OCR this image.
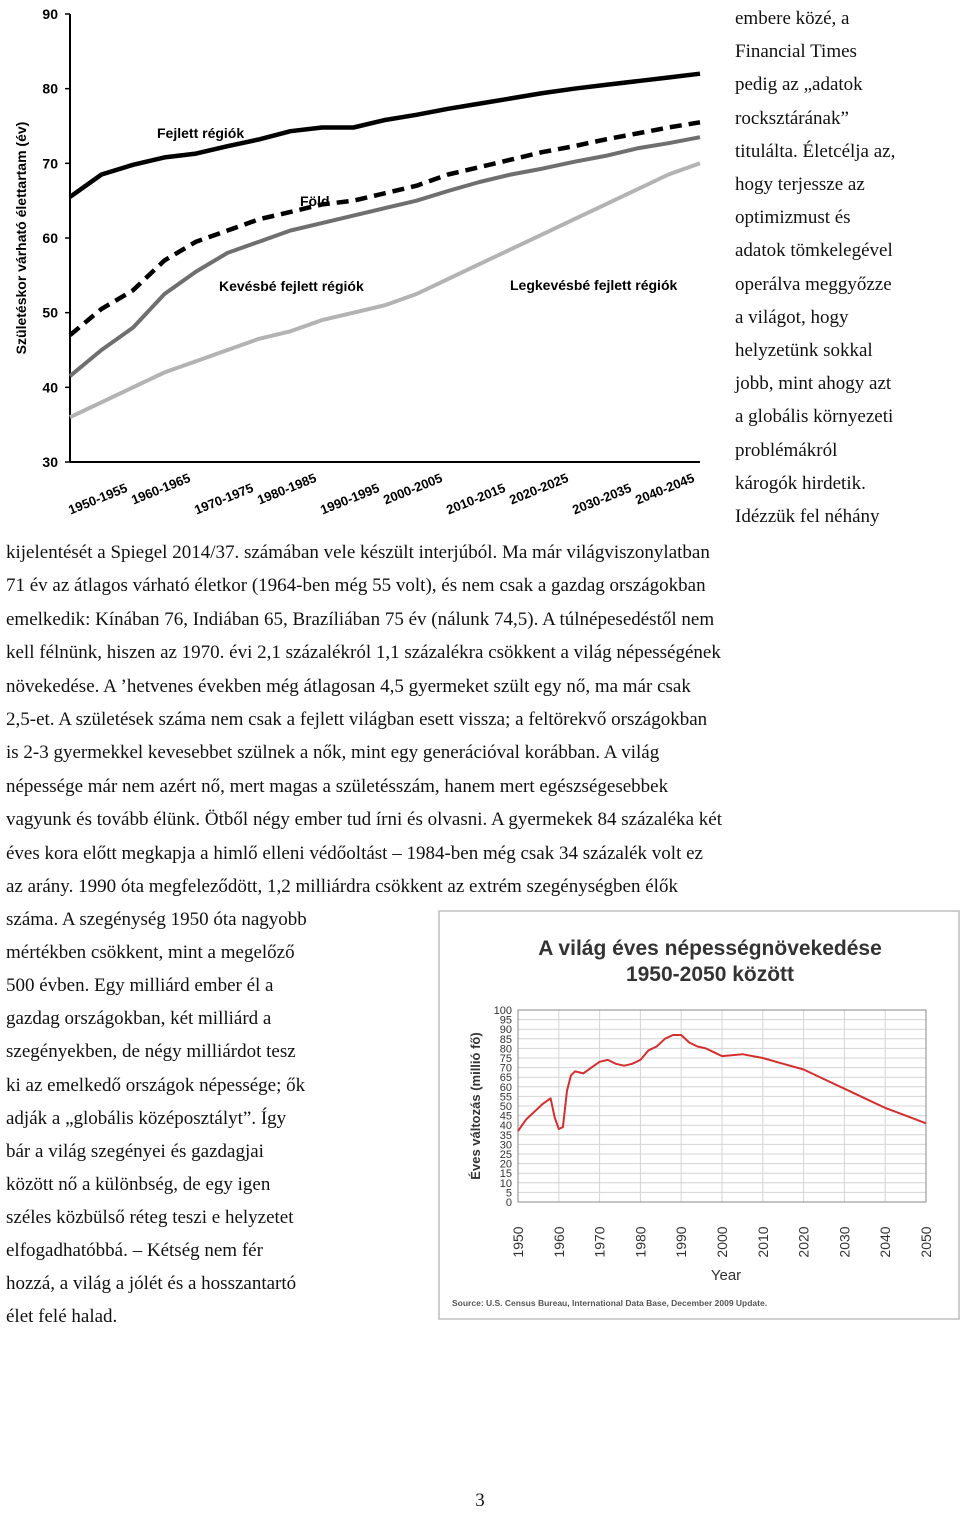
30
40
50
60
70
80
90
Születéskor várható élettartam (év)
1950-1955 1960-1965 1970-1975 1980-1985 1990-1995 2000-2005 2010-2015 2020-2025 2030-2035 2040-2045
Fejlett régiók
Föld
Kevésbé fejlett régiók	Legkevésbé fejlett régiók
embere közé, a
Financial Times
pedig az „adatok
rocksztárának”
titulálta. Életcélja az,
hogy terjessze az
optimizmust és
adatok tömkelegével
operálva meggyőzze
a világot, hogy
helyzetünk sokkal
jobb, mint ahogy azt
a globális környezeti
problémákról
károgók hirdetik.
Idézzük fel néhány
kijelentését a Spiegel 2014/37. számában vele készült interjúból. Ma már világviszonylatban
71 év az átlagos várható életkor (1964-ben még 55 volt), és nem csak a gazdag országokban
emelkedik: Kínában 76, Indiában 65, Brazíliában 75 év (nálunk 74,5). A túlnépesedéstől nem
kell félnünk, hiszen az 1970. évi 2,1 százalékról 1,1 százalékra csökkent a világ népességének
növekedése. A ’hetvenes években még átlagosan 4,5 gyermeket szült egy nő, ma már csak
2,5-et. A születések száma nem csak a fejlett világban esett vissza; a feltörekvő országokban
is 2-3 gyermekkel kevesebbet szülnek a nők, mint egy generációval korábban. A világ
népessége már nem azért nő, mert magas a születésszám, hanem mert egészségesebbek
vagyunk és tovább élünk. Ötből négy ember tud írni és olvasni. A gyermekek 84 százaléka két
éves kora előtt megkapja a himlő elleni védőoltást – 1984-ben még csak 34 százalék volt ez
az arány. 1990 óta megfeleződött, 1,2 milliárdra csökkent az extrém szegénységben élők
száma. A szegénység 1950 óta nagyobb
mértékben csökkent, mint a megelőző
500 évben. Egy milliárd ember él a
gazdag országokban, két milliárd a
szegényekben, de négy milliárdot tesz
ki az emelkedő országok népessége; ők
adják a „globális középosztályt”. Így
bár a világ szegényei és gazdagjai
között nő a különbség, de egy igen
széles közbülső réteg teszi e helyzetet
elfogadhatóbbá. – Kétség nem fér
hozzá, a világ a jólét és a hosszantartó
élet felé halad.
A világ éves népességnövekedése
1950-2050 között
0
5
10
15
20
25
30
35
40
45
50
55
60
65
70
75
80
85
90
95
100
1950 1960 1970 1980 1990 2000 2010 2020 2030 2040 2050
Éves változás (millió fő)
Year
Source: U.S. Census Bureau, International Data Base, December 2009 Update.
3
